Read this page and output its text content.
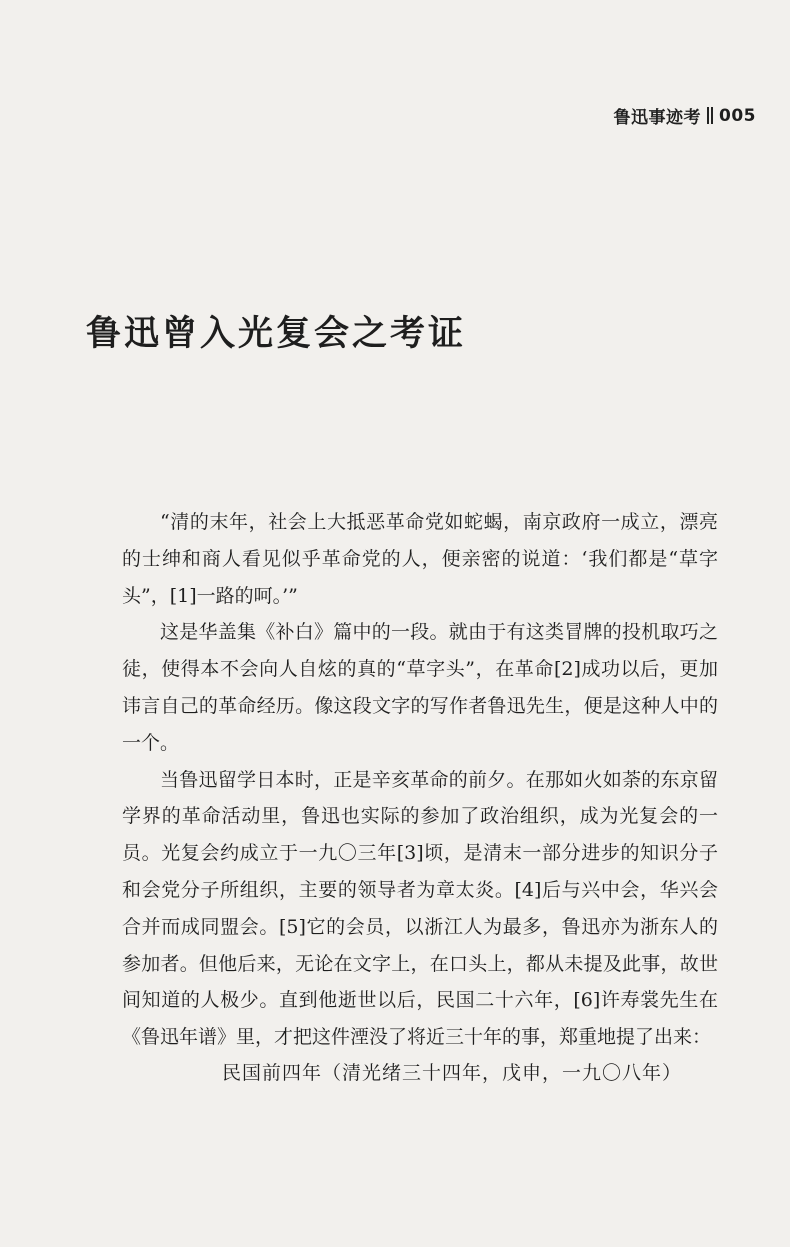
鲁迅事迹考 005
鲁迅曾入光复会之考证

“清的末年，社会上大抵恶革命党如蛇蝎，南京政府一成立，漂亮的士绅和商人看见似乎革命党的人，便亲密的说道：‘我们都是“草字头”，[1]一路的呵。’”

这是华盖集《补白》篇中的一段。就由于有这类冒牌的投机取巧之徒，使得本不会向人自炫的真的“草字头”，在革命[2]成功以后，更加讳言自己的革命经历。像这段文字的写作者鲁迅先生，便是这种人中的一个。

当鲁迅留学日本时，正是辛亥革命的前夕。在那如火如荼的东京留学界的革命活动里，鲁迅也实际的参加了政治组织，成为光复会的一员。光复会约成立于一九〇三年[3]顷，是清末一部分进步的知识分子和会党分子所组织，主要的领导者为章太炎。[4]后与兴中会，华兴会合并而成同盟会。[5]它的会员，以浙江人为最多，鲁迅亦为浙东人的参加者。但他后来，无论在文字上，在口头上，都从未提及此事，故世间知道的人极少。直到他逝世以后，民国二十六年，[6]许寿裳先生在《鲁迅年谱》里，才把这件湮没了将近三十年的事，郑重地提了出来：

民国前四年（清光绪三十四年，戊申，一九〇八年）
